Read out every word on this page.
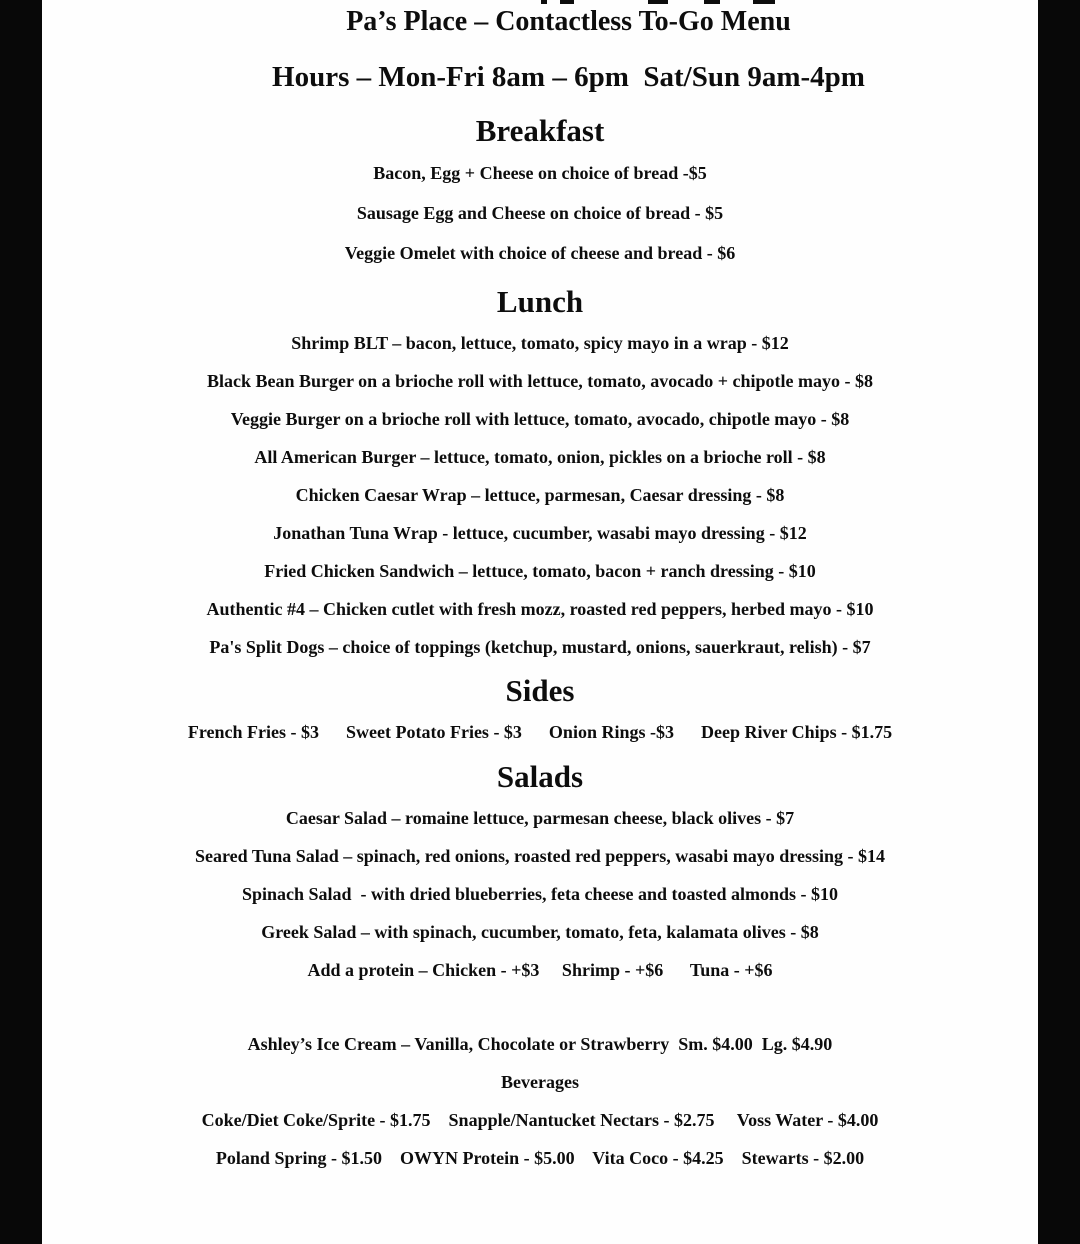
Pa’s Place – Contactless To-Go Menu
Hours – Mon-Fri 8am – 6pm  Sat/Sun 9am-4pm
Breakfast
Bacon, Egg + Cheese on choice of bread -$5
Sausage Egg and Cheese on choice of bread - $5
Veggie Omelet with choice of cheese and bread - $6
Lunch
Shrimp BLT – bacon, lettuce, tomato, spicy mayo in a wrap - $12
Black Bean Burger on a brioche roll with lettuce, tomato, avocado + chipotle mayo - $8
Veggie Burger on a brioche roll with lettuce, tomato, avocado, chipotle mayo - $8
All American Burger – lettuce, tomato, onion, pickles on a brioche roll - $8
Chicken Caesar Wrap – lettuce, parmesan, Caesar dressing - $8
Jonathan Tuna Wrap - lettuce, cucumber, wasabi mayo dressing - $12
Fried Chicken Sandwich – lettuce, tomato, bacon + ranch dressing - $10
Authentic #4 – Chicken cutlet with fresh mozz, roasted red peppers, herbed mayo - $10
Pa's Split Dogs – choice of toppings (ketchup, mustard, onions, sauerkraut, relish) - $7
Sides
French Fries - $3      Sweet Potato Fries - $3      Onion Rings -$3      Deep River Chips - $1.75
Salads
Caesar Salad – romaine lettuce, parmesan cheese, black olives - $7
Seared Tuna Salad – spinach, red onions, roasted red peppers, wasabi mayo dressing - $14
Spinach Salad  - with dried blueberries, feta cheese and toasted almonds - $10
Greek Salad – with spinach, cucumber, tomato, feta, kalamata olives - $8
Add a protein – Chicken - +$3     Shrimp - +$6      Tuna - +$6
Ashley’s Ice Cream – Vanilla, Chocolate or Strawberry  Sm. $4.00  Lg. $4.90
Beverages
Coke/Diet Coke/Sprite - $1.75    Snapple/Nantucket Nectars - $2.75     Voss Water - $4.00
Poland Spring - $1.50    OWYN Protein - $5.00    Vita Coco - $4.25    Stewarts - $2.00
